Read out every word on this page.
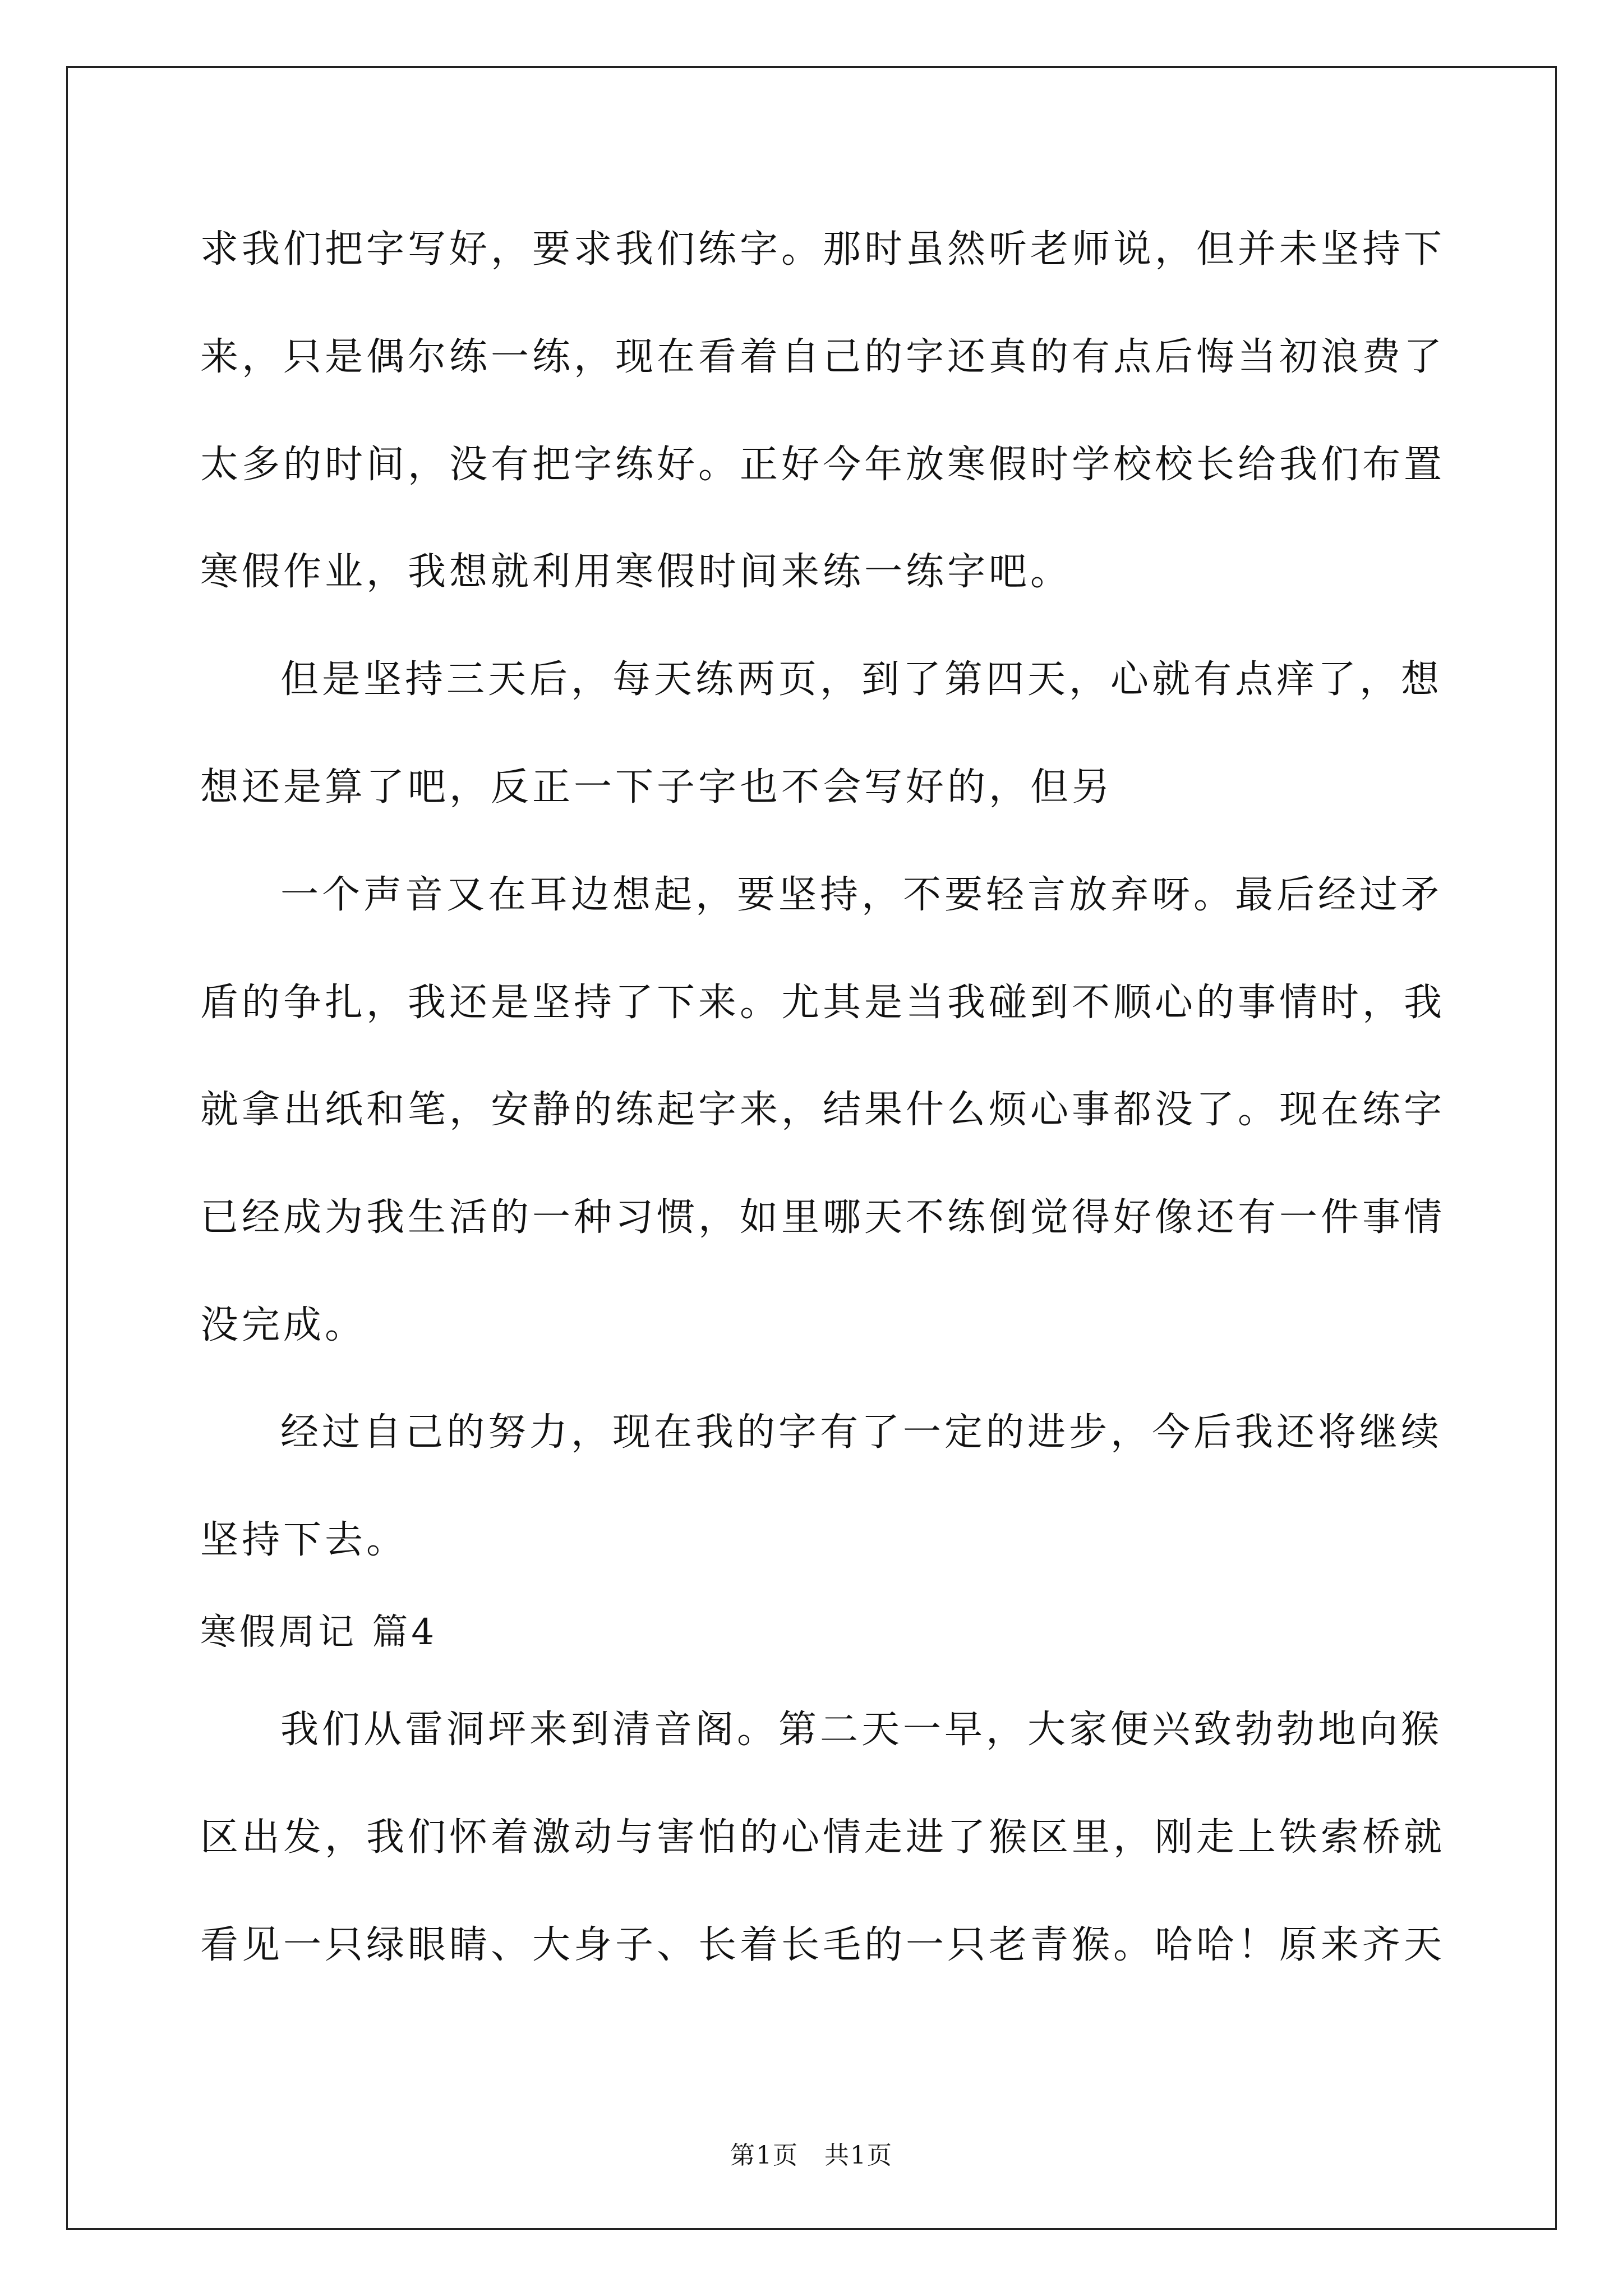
求我们把字写好，要求我们练字。那时虽然听老师说，但并未坚持下
来，只是偶尔练一练，现在看着自己的字还真的有点后悔当初浪费了
太多的时间，没有把字练好。正好今年放寒假时学校校长给我们布置
寒假作业，我想就利用寒假时间来练一练字吧。
但是坚持三天后，每天练两页，到了第四天，心就有点痒了，想
想还是算了吧，反正一下子字也不会写好的，但另
一个声音又在耳边想起，要坚持，不要轻言放弃呀。最后经过矛
盾的争扎，我还是坚持了下来。尤其是当我碰到不顺心的事情时，我
就拿出纸和笔，安静的练起字来，结果什么烦心事都没了。现在练字
已经成为我生活的一种习惯，如里哪天不练倒觉得好像还有一件事情
没完成。
经过自己的努力，现在我的字有了一定的进步，今后我还将继续
坚持下去。
寒假周记 篇4
我们从雷洞坪来到清音阁。第二天一早，大家便兴致勃勃地向猴
区出发，我们怀着激动与害怕的心情走进了猴区里，刚走上铁索桥就
看见一只绿眼睛、大身子、长着长毛的一只老青猴。哈哈！原来齐天
第1页　共1页
